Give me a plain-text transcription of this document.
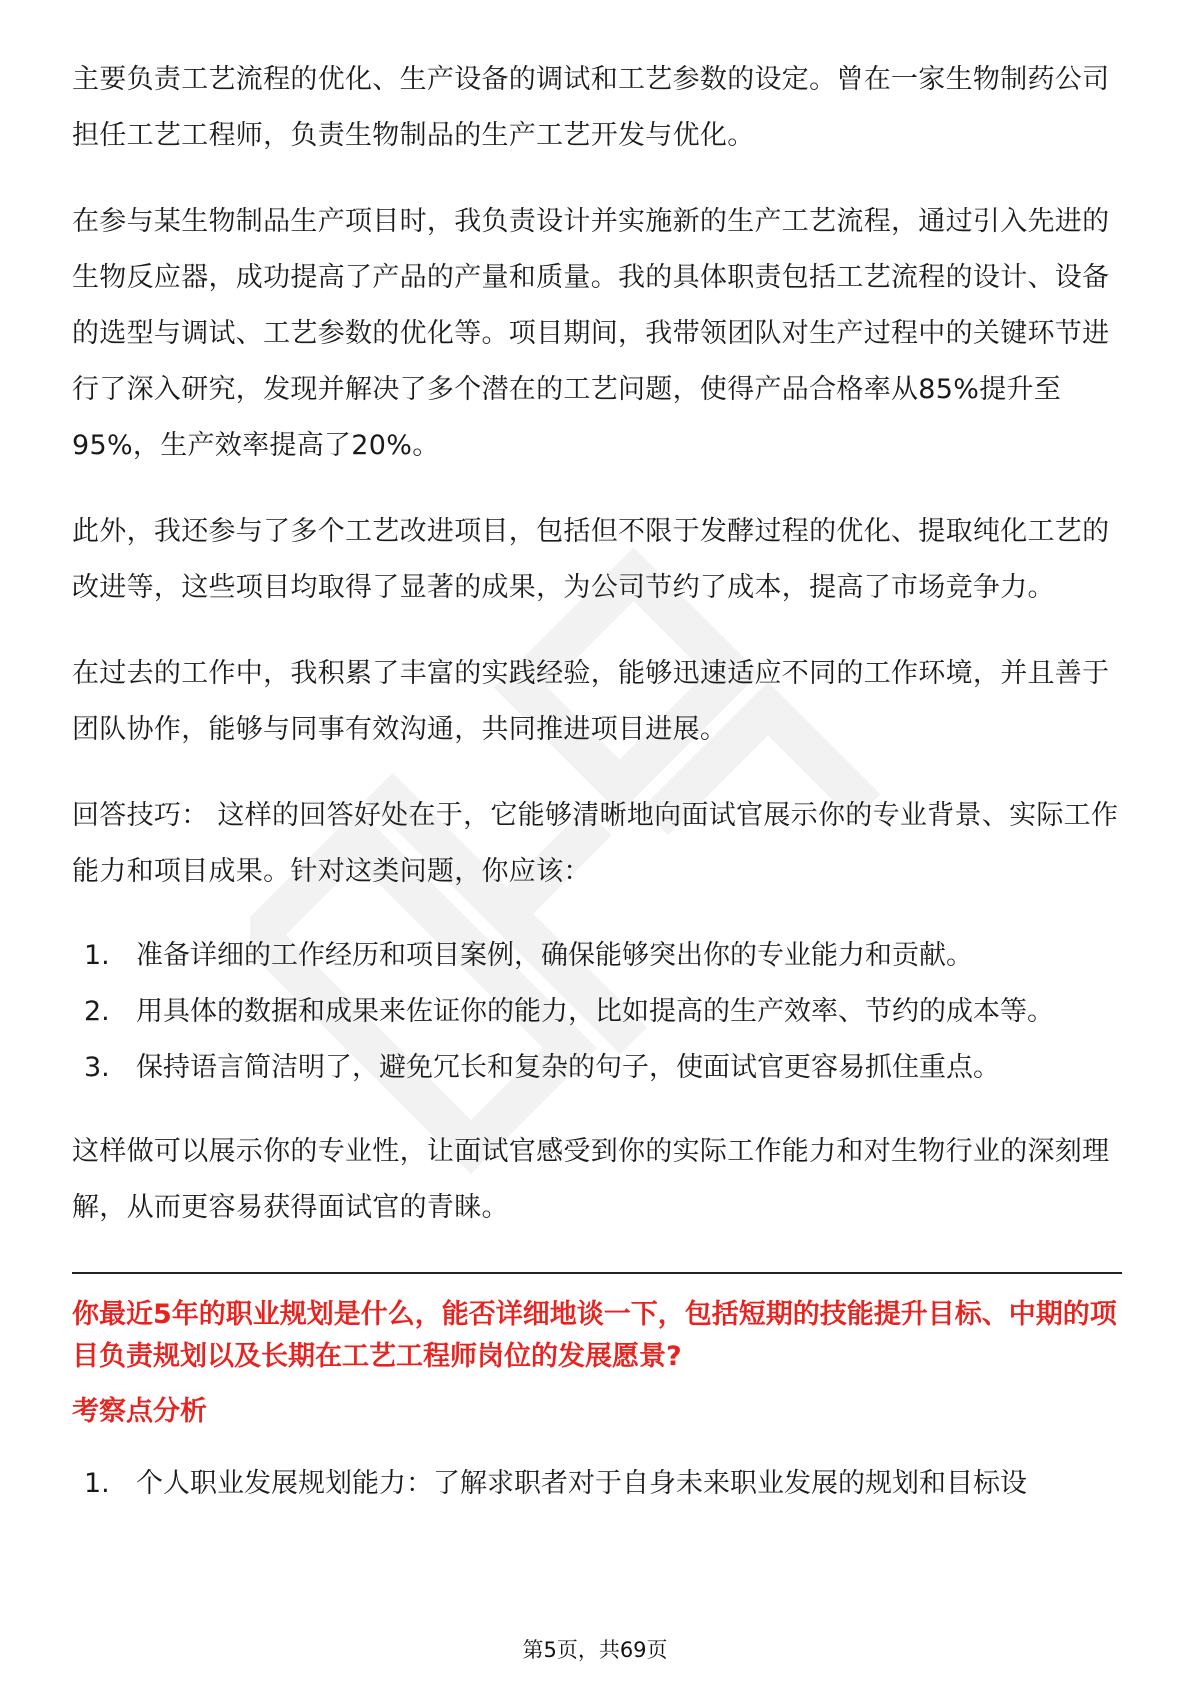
主要负责工艺流程的优化、生产设备的调试和工艺参数的设定。曾在一家生物制药公司担任工艺工程师，负责生物制品的生产工艺开发与优化。

在参与某生物制品生产项目时，我负责设计并实施新的生产工艺流程，通过引入先进的生物反应器，成功提高了产品的产量和质量。我的具体职责包括工艺流程的设计、设备的选型与调试、工艺参数的优化等。项目期间，我带领团队对生产过程中的关键环节进行了深入研究，发现并解决了多个潜在的工艺问题，使得产品合格率从85%提升至95%，生产效率提高了20%。

此外，我还参与了多个工艺改进项目，包括但不限于发酵过程的优化、提取纯化工艺的改进等，这些项目均取得了显著的成果，为公司节约了成本，提高了市场竞争力。

在过去的工作中，我积累了丰富的实践经验，能够迅速适应不同的工作环境，并且善于团队协作，能够与同事有效沟通，共同推进项目进展。

回答技巧： 这样的回答好处在于，它能够清晰地向面试官展示你的专业背景、实际工作能力和项目成果。针对这类问题，你应该：

1. 准备详细的工作经历和项目案例，确保能够突出你的专业能力和贡献。
2. 用具体的数据和成果来佐证你的能力，比如提高的生产效率、节约的成本等。
3. 保持语言简洁明了，避免冗长和复杂的句子，使面试官更容易抓住重点。

这样做可以展示你的专业性，让面试官感受到你的实际工作能力和对生物行业的深刻理解，从而更容易获得面试官的青睐。

你最近5年的职业规划是什么，能否详细地谈一下，包括短期的技能提升目标、中期的项目负责规划以及长期在工艺工程师岗位的发展愿景?

考察点分析

1. 个人职业发展规划能力：了解求职者对于自身未来职业发展的规划和目标设
第5页，共69页
